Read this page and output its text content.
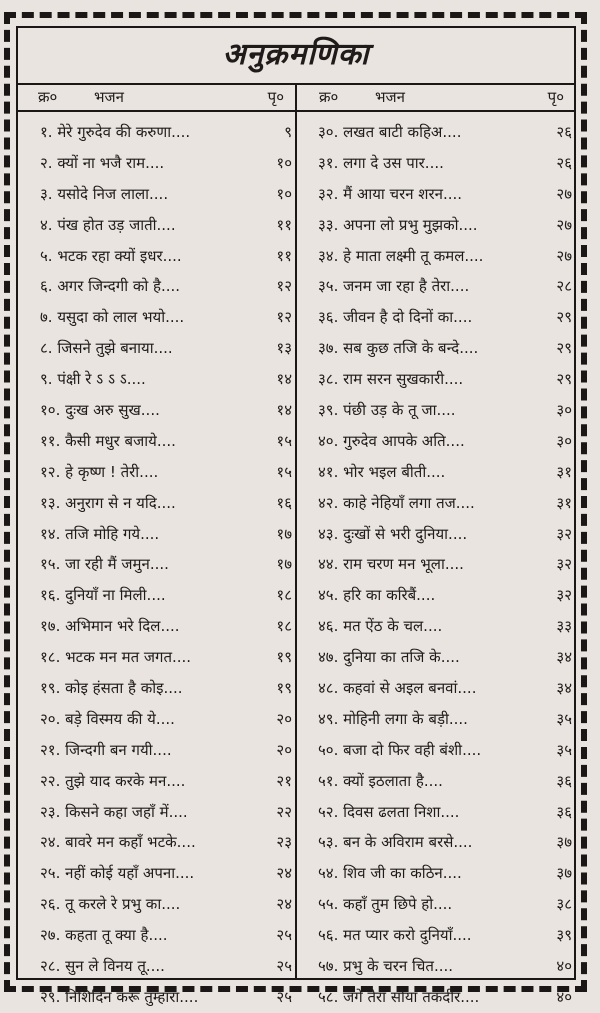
अनुक्रमणिका
क्र० भजन	पृ० क्र० भजन	पृ०
१. मेरे गुरुदेव की करुणा....	९
२. क्यों ना भजै राम....	१०
३. यसोदे निज लाला....	१०
४. पंख होत उड़ जाती....	११
५. भटक रहा क्यों इधर....	११
६. अगर जिन्दगी को है....	१२
७. यसुदा को लाल भयो....	१२
८. जिसने तुझे बनाया....	१३
९. पंक्षी रे ऽ ऽ ऽ....	१४
१०. दुःख अरु सुख....	१४
११. कैसी मधुर बजाये....	१५
१२. हे कृष्ण ! तेरी....	१५
१३. अनुराग से न यदि....	१६
१४. तजि मोहि गये....	१७
१५. जा रही मैं जमुन....	१७
१६. दुनियाँ ना मिली....	१८
१७. अभिमान भरे दिल....	१८
१८. भटक मन मत जगत....	१९
१९. कोइ हंसता है कोइ....	१९
२०. बड़े विस्मय की ये....	२०
२१. जिन्दगी बन गयी....	२०
२२. तुझे याद करके मन....	२१
२३. किसने कहा जहाँ में....	२२
२४. बावरे मन कहाँ भटके....	२३
२५. नहीं कोई यहाँ अपना....	२४
२६. तू करले रे प्रभु का....	२४
२७. कहता तू क्या है....	२५
२८. सुन ले विनय तू....	२५
२९. निशिदिन करूँ तुम्हारा....	२५
३०. लखत बाटी कहिअ....	२६
३१. लगा दे उस पार....	२६
३२. मैं आया चरन शरन....	२७
३३. अपना लो प्रभु मुझको....	२७
३४. हे माता लक्ष्मी तू कमल....	२७
३५. जनम जा रहा है तेरा....	२८
३६. जीवन है दो दिनों का....	२९
३७. सब कुछ तजि के बन्दे....	२९
३८. राम सरन सुखकारी....	२९
३९. पंछी उड़ के तू जा....	३०
४०. गुरुदेव आपके अति....	३०
४१. भोर भइल बीती....	३१
४२. काहे नेहियाँ लगा तज....	३१
४३. दुःखों से भरी दुनिया....	३२
४४. राम चरण मन भूला....	३२
४५. हरि का करिबैं....	३२
४६. मत ऐंठ के चल....	३३
४७. दुनिया का तजि के....	३४
४८. कहवां से अइल बनवां....	३४
४९. मोहिनी लगा के बड़ी....	३५
५०. बजा दो फिर वही बंशी....	३५
५१. क्यों इठलाता है....	३६
५२. दिवस ढलता निशा....	३६
५३. बन के अविराम बरसे....	३७
५४. शिव जी का कठिन....	३७
५५. कहाँ तुम छिपे हो....	३८
५६. मत प्यार करो दुनियाँ....	३९
५७. प्रभु के चरन चित....	४०
५८. जगे तेरा सोया तकदीर....	४०
